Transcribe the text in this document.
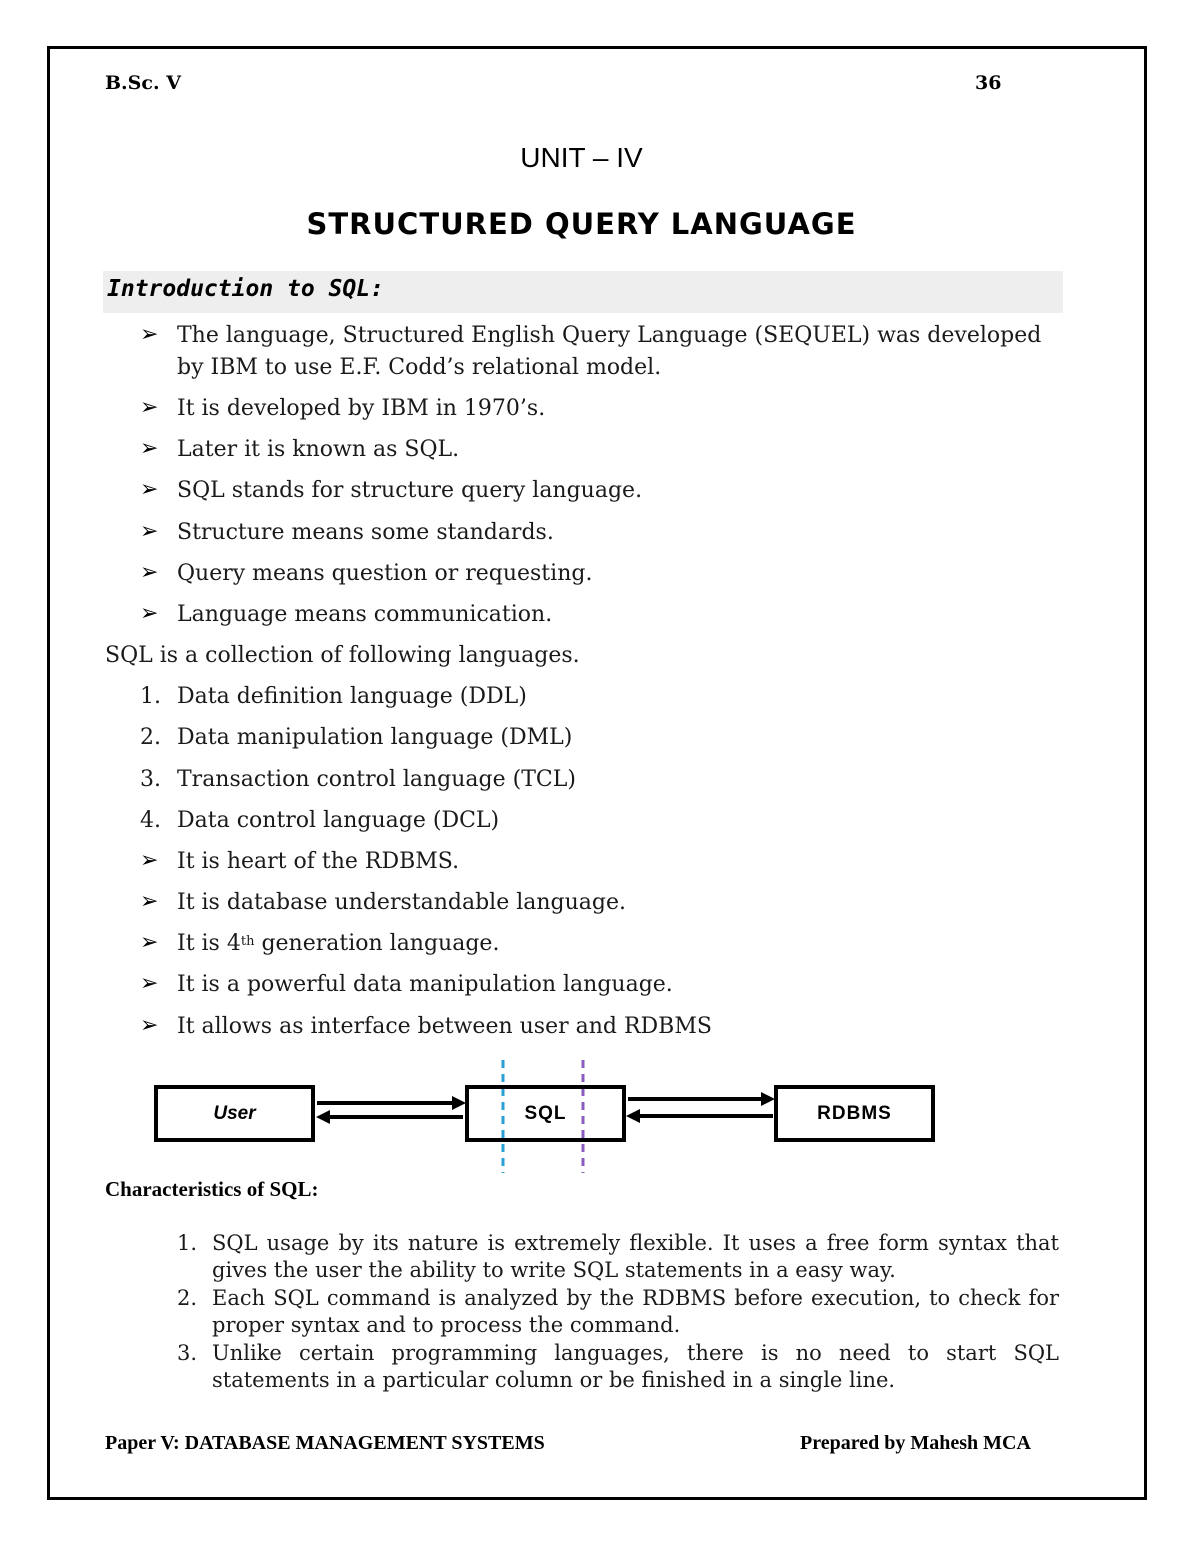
B.Sc. V	36
UNIT – IV
STRUCTURED QUERY LANGUAGE
Introduction to SQL:
➢ The language, Structured English Query Language (SEQUEL) was developed
by IBM to use E.F. Codd’s relational model.
➢ It is developed by IBM in 1970’s.
➢ Later it is known as SQL.
➢ SQL stands for structure query language.
➢ Structure means some standards.
➢ Query means question or requesting.
➢ Language means communication.
SQL is a collection of following languages.
1. Data definition language (DDL)
2. Data manipulation language (DML)
3. Transaction control language (TCL)
4. Data control language (DCL)
➢ It is heart of the RDBMS.
➢ It is database understandable language.
➢ It is 4th generation language.
➢ It is a powerful data manipulation language.
➢ It allows as interface between user and RDBMS
User	SQL	RDBMS
Characteristics of SQL:
1. SQL usage by its nature is extremely flexible. It uses a free form syntax that gives the user the ability to write SQL statements in a easy way.
2. Each SQL command is analyzed by the RDBMS before execution, to check for proper syntax and to process the command.
3. Unlike certain programming languages, there is no need to start SQL statements in a particular column or be finished in a single line.
Paper V: DATABASE MANAGEMENT SYSTEMS	Prepared by Mahesh MCA
